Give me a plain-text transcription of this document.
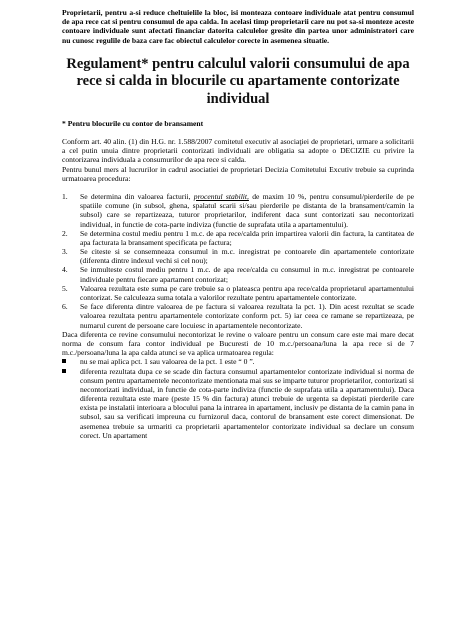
Proprietarii, pentru a-si reduce cheltuielile la bloc, isi monteaza contoare individuale atat pentru consumul de apa rece cat si pentru consumul de apa calda. In acelasi timp proprietarii care nu pot sa-si monteze aceste contoare individuale sunt afectati financiar datorita calculelor gresite din partea unor administratori care nu cunosc regulile de baza care fac obiectul calculelor corecte in asemenea situatie.

Regulament* pentru calculul valorii consumului de apa rece si calda in blocurile cu apartamente contorizate individual

* Pentru blocurile cu contor de bransament

Conform art. 40 alin. (1) din H.G. nr. 1.588/2007 comitetul executiv al asociaţiei de proprietari, urmare a solicitarii a cel putin unuia dintre proprietarii contorizati individuali are obligatia sa adopte o DECIZIE cu privire la contorizarea individuala a consumurilor de apa rece si calda.

Pentru bunul mers al lucrurilor in cadrul asociatiei de proprietari Decizia Comitetului Excutiv trebuie sa cuprinda urmatoarea procedura:

1. Se determina din valoarea facturii, procentul stabilit, de maxim 10 %, pentru consumul/pierderile de pe spatiile comune (in subsol, ghena, spalatul scarii si/sau pierderile pe distanta de la bransament/camin la subsol) care se repartizeaza, tuturor proprietarilor, indiferent daca sunt contorizati sau necontorizati individual, in functie de cota-parte indiviza (functie de suprafata utila a apartamentului).
2. Se determina costul mediu pentru 1 m.c. de apa rece/calda prin impartirea valorii din factura, la cantitatea de apa facturata la bransament specificata pe factura;
3. Se citeste si se consemneaza consumul in m.c. inregistrat pe contoarele din apartamentele contorizate (diferenta dintre indexul vechi si cel nou);
4. Se inmulteste costul mediu pentru 1 m.c. de apa rece/calda cu consumul in m.c. inregistrat pe contoarele individuale pentru fiecare apartament contorizat;
5. Valoarea rezultata este suma pe care trebuie sa o plateasca pentru apa rece/calda proprietarul apartamentului contorizat. Se calculeaza suma totala a valorilor rezultate pentru apartamentele contorizate.
6. Se face diferenta dintre valoarea de pe factura si valoarea rezultata la pct. 1). Din acest rezultat se scade valoarea rezultata pentru apartamentele contorizate conform pct. 5) iar ceea ce ramane se repartizeaza, pe numarul curent de persoane care locuiesc in apartamentele necontorizate.

Daca diferenta ce revine consumului necontorizat le revine o valoare pentru un consum care este mai mare decat norma de consum fara contor individual pe Bucuresti de 10 m.c./persoana/luna la apa rece si de 7 m.c./persoana/luna la apa calda atunci se va aplica urmatoarea regula:

nu se mai aplica pct. 1 sau valoarea de la pct. 1 este “ 0 ”.
diferenta rezultata dupa ce se scade din factura consumul apartamentelor contorizate individual si norma de consum pentru apartamentele necontorizate mentionata mai sus se imparte tuturor proprietarilor, contorizati si necontorizati individual, in functie de cota-parte indiviza (functie de suprafata utila a apartamentului). Daca diferenta rezultata este mare (peste 15 % din factura) atunci trebuie de urgenta sa depistati pierderile care exista pe instalatii interioara a blocului pana la intrarea in apartament, inclusiv pe distanta de la camin pana in subsol, sau sa verificati impreuna cu furnizorul daca, contorul de bransament este corect dimensionat. De asemenea trebuie sa urmariti ca proprietarii apartamentelor contorizate individual sa declare un consum corect. Un apartament
